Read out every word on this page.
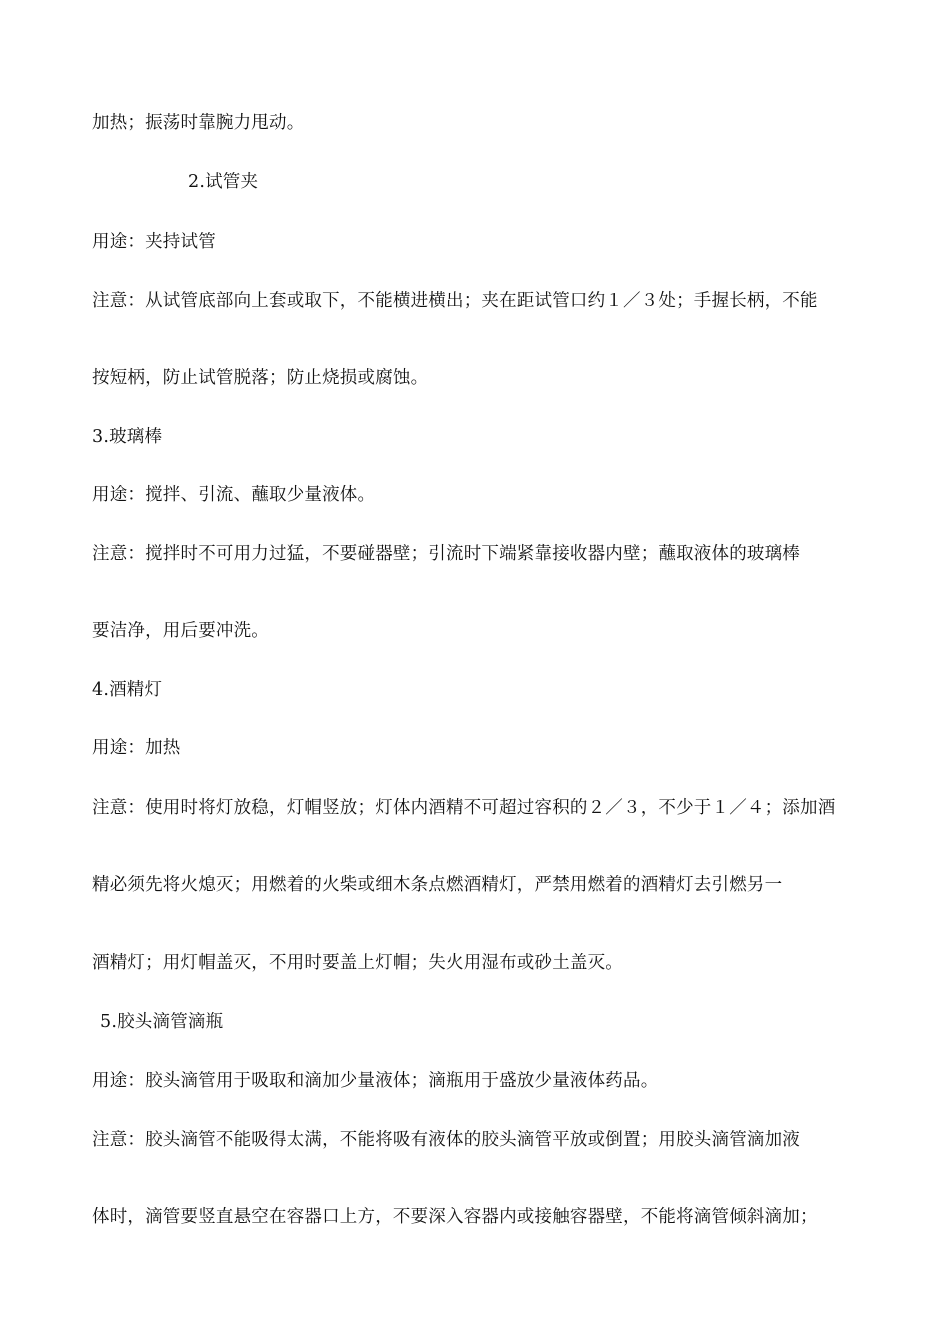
加热；振荡时靠腕力甩动。
2.试管夹
用途：夹持试管
注意：从试管底部向上套或取下，不能横进横出；夹在距试管口约１／３处；手握长柄，不能
按短柄，防止试管脱落；防止烧损或腐蚀。
3.玻璃棒
用途：搅拌、引流、蘸取少量液体。
注意：搅拌时不可用力过猛，不要碰器壁；引流时下端紧靠接收器内壁；蘸取液体的玻璃棒
要洁净，用后要冲洗。
4.酒精灯
用途：加热
注意：使用时将灯放稳，灯帽竖放；灯体内酒精不可超过容积的２／３，不少于１／４；添加酒
精必须先将火熄灭；用燃着的火柴或细木条点燃酒精灯，严禁用燃着的酒精灯去引燃另一
酒精灯；用灯帽盖灭，不用时要盖上灯帽；失火用湿布或砂土盖灭。
5.胶头滴管滴瓶
用途：胶头滴管用于吸取和滴加少量液体；滴瓶用于盛放少量液体药品。
注意：胶头滴管不能吸得太满，不能将吸有液体的胶头滴管平放或倒置；用胶头滴管滴加液
体时，滴管要竖直悬空在容器口上方，不要深入容器内或接触容器壁，不能将滴管倾斜滴加；
